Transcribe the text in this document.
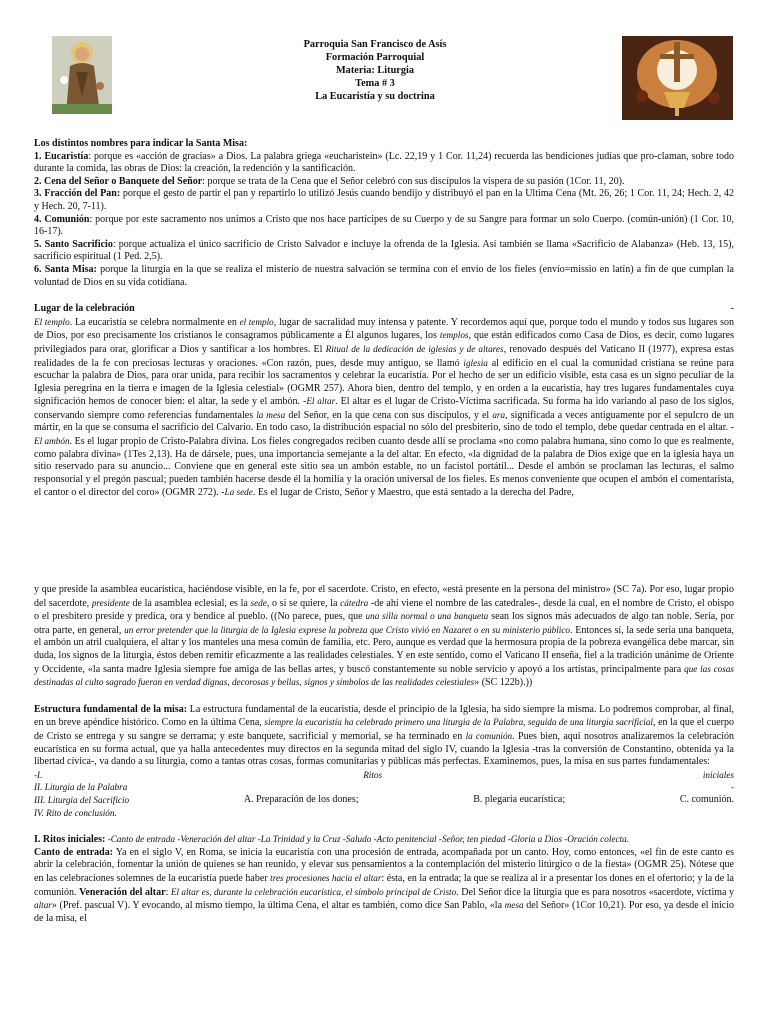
Parroquia San Francisco de Asís
Formación Parroquial
Materia: Liturgia
Tema # 3
La Eucaristía y su doctrina

Los distintos nombres para indicar la Santa Misa:

1. Eucaristía: porque es «acción de gracias» a Dios. La palabra griega «eucharistein» (Lc. 22,19 y 1 Cor. 11,24) recuerda las bendiciones judías que pro-claman, sobre todo durante la comida, las obras de Dios: la creación, la redención y la santificación.

2. Cena del Señor o Banquete del Señor: porque se trata de la Cena que el Señor celebró con sus discípulos la víspera de su pasión (1Cor. 11, 20).

3. Fracción del Pan: porque el gesto de partir el pan y repartirlo lo utilizó Jesús cuando bendijo y distribuyó el pan en la Ultima Cena (Mt. 26, 26; 1 Cor. 11, 24; Hech. 2, 42 y Hech. 20, 7-11).

4. Comunión: porque por este sacramento nos unimos a Cristo que nos hace partícipes de su Cuerpo y de su Sangre para formar un solo Cuerpo. (común-unión) (1 Cor. 10, 16-17).

5. Santo Sacrificio: porque actualiza el único sacrificio de Cristo Salvador e incluye la ofrenda de la Iglesia. Así también se llama «Sacrificio de Alabanza» (Heb. 13, 15), sacrificio espiritual (1 Ped. 2,5).

6. Santa Misa: porque la liturgia en la que se realiza el misterio de nuestra salvación se termina con el envío de los fieles (envío=missio en latín) a fin de que cumplan la voluntad de Dios en su vida cotidiana.

Lugar de la celebración	-

El templo. La eucaristía se celebra normalmente en el templo, lugar de sacralidad muy intensa y patente. Y recordemos aquí que, porque todo el mundo y todos sus lugares son de Dios, por eso precisamente los cristianos le consagramos públicamente a Él algunos lugares, los templos, que están edificados como Casa de Dios, es decir, como lugares privilegiados para orar, glorificar a Dios y santificar a los hombres. El Ritual de la dedicación de iglesias y de altares, renovado después del Vaticano II (1977), expresa estas realidades de la fe con preciosas lecturas y oraciones. «Con razón, pues, desde muy antiguo, se llamó iglesia al edificio en el cual la comunidad cristiana se reúne para escuchar la palabra de Dios, para orar unida, para recibir los sacramentos y celebrar la eucaristía. Por el hecho de ser un edificio visible, esta casa es un signo peculiar de la Iglesia peregrina en la tierra e imagen de la Iglesia celestial» (OGMR 257). Ahora bien, dentro del templo, y en orden a la eucaristía, hay tres lugares fundamentales cuya significación hemos de conocer bien: el altar, la sede y el ambón. -El altar. El altar es el lugar de Cristo-Víctima sacrificada. Su forma ha ido variando al paso de los siglos, conservando siempre como referencias fundamentales la mesa del Señor, en la que cena con sus discípulos, y el ara, significada a veces antiguamente por el sepulcro de un mártir, en la que se consuma el sacrificio del Calvario. En todo caso, la distribución espacial no sólo del presbiterio, sino de todo el templo, debe quedar centrada en el altar. -El ambón. Es el lugar propio de Cristo-Palabra divina. Los fieles congregados reciben cuanto desde allí se proclama «no como palabra humana, sino como lo que es realmente, como palabra divina» (1Tes 2,13). Ha de dársele, pues, una importancia semejante a la del altar. En efecto, «la dignidad de la palabra de Dios exige que en la iglesia haya un sitio reservado para su anuncio... Conviene que en general este sitio sea un ambón estable, no un facistol portátil... Desde el ambón se proclaman las lecturas, el salmo responsorial y el pregón pascual; pueden también hacerse desde él la homilía y la oración universal de los fieles. Es menos conveniente que ocupen el ambón el comentarista, el cantor o el director del coro» (OGMR 272). -La sede. Es el lugar de Cristo, Señor y Maestro, que está sentado a la derecha del Padre,

y que preside la asamblea eucarística, haciéndose visible, en la fe, por el sacerdote. Cristo, en efecto, «está presente en la persona del ministro» (SC 7a). Por eso, lugar propio del sacerdote, presidente de la asamblea eclesial, es la sede, o si se quiere, la cátedra -de ahí viene el nombre de las catedrales-, desde la cual, en el nombre de Cristo, el obispo o el presbítero preside y predica, ora y bendice al pueblo. ((No parece, pues, que una silla normal o una banqueta sean los signos más adecuados de algo tan noble. Sería, por otra parte, en general, un error pretender que la liturgia de la Iglesia exprese la pobreza que Cristo vivió en Nazaret o en su ministerio público. Entonces sí, la sede sería una banqueta, el ambón un atril cualquiera, el altar y los manteles una mesa común de familia, etc. Pero, aunque es verdad que la hermosura propia de la pobreza evangélica debe marcar, sin duda, los signos de la liturgia, éstos deben remitir eficazmente a las realidades celestiales. Y en este sentido, como el Vaticano II enseña, fiel a la tradición unánime de Oriente y Occidente, «la santa madre Iglesia siempre fue amiga de las bellas artes, y buscó constantemente su noble servicio y apoyó a los artistas, principalmente para que las cosas destinadas al culto sagrado fueran en verdad dignas, decorosas y bellas, signos y símbolos de las realidades celestiales» (SC 122b).))

Estructura fundamental de la misa: La estructura fundamental de la eucaristía, desde el principio de la Iglesia, ha sido siempre la misma. Lo podremos comprobar, al final, en un breve apéndice histórico. Como en la última Cena, siempre la eucaristía ha celebrado primero una liturgia de la Palabra, seguida de una liturgia sacrificial, en la que el cuerpo de Cristo se entrega y su sangre se derrama; y este banquete, sacrificial y memorial, se ha terminado en la comunión. Pues bien, aquí nosotros analizaremos la celebración eucarística en su forma actual, que ya halla antecedentes muy directos en la segunda mitad del siglo IV, cuando la Iglesia -tras la conversión de Constantino, obtenida ya la libertad cívica-, va dando a su liturgia, como a tantas otras cosas, formas comunitarias y públicas más perfectas. Examinemos, pues, la misa en sus partes fundamentales:

-I.	Ritos	iniciales

II. Liturgia de la Palabra	-

III. Liturgia del Sacrificio	A. Preparación de los dones;	B. plegaria eucarística;	C. comunión.

IV. Rito de conclusión.

I. Ritos iniciales: -Canto de entrada -Veneración del altar -La Trinidad y la Cruz -Saludo -Acto penitencial -Señor, ten piedad -Gloria a Dios -Oración colecta.

Canto de entrada: Ya en el siglo V, en Roma, se inicia la eucaristía con una procesión de entrada, acompañada por un canto. Hoy, como entonces, «el fin de este canto es abrir la celebración, fomentar la unión de quienes se han reunido, y elevar sus pensamientos a la contemplación del misterio litúrgico o de la fiesta» (OGMR 25). Nótese que en las celebraciones solemnes de la eucaristía puede haber tres procesiones hacia el altar: ésta, en la entrada; la que se realiza al ir a presentar los dones en el ofertorio; y la de la comunión. Veneración del altar: El altar es, durante la celebración eucarística, el símbolo principal de Cristo. Del Señor dice la liturgia que es para nosotros «sacerdote, víctima y altar» (Pref. pascual V). Y evocando, al mismo tiempo, la última Cena, el altar es también, como dice San Pablo, «la mesa del Señor» (1Cor 10,21). Por eso, ya desde el inicio de la misa, el
